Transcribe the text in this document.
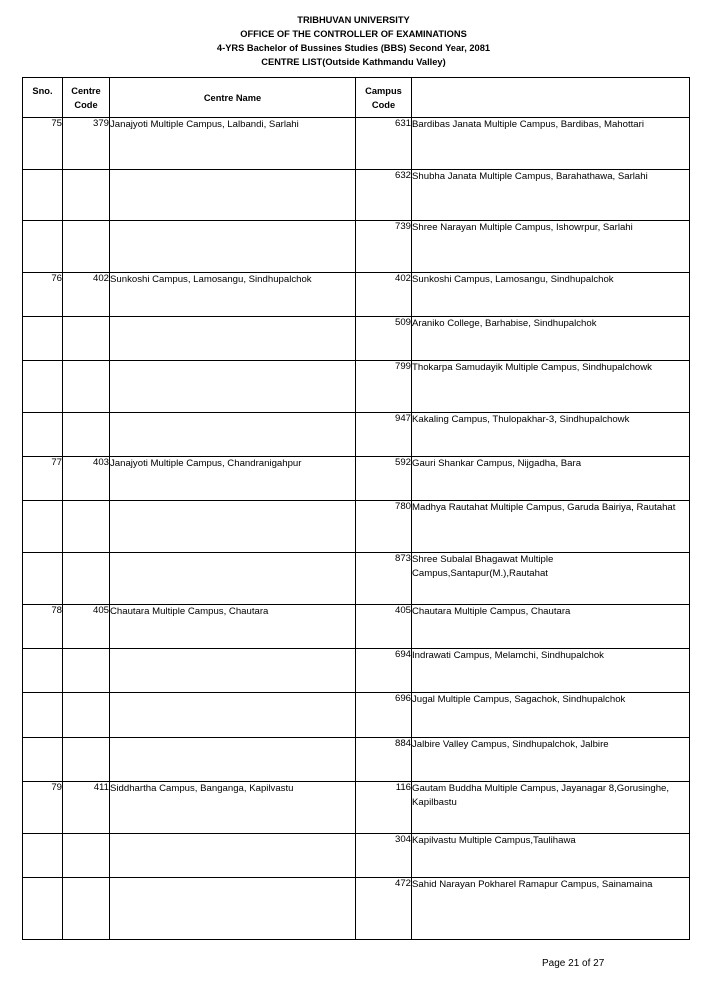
TRIBHUVAN UNIVERSITY
OFFICE OF THE CONTROLLER OF EXAMINATIONS
4-YRS Bachelor of Bussines Studies (BBS) Second Year, 2081
CENTRE LIST(Outside Kathmandu Valley)
Sno.	Centre Code	Centre Name	Campus Code	
75	379	Janajyoti Multiple Campus, Lalbandi, Sarlahi	631	Bardibas Janata Multiple Campus, Bardibas, Mahottari
			632	Shubha Janata Multiple Campus, Barahathawa, Sarlahi
			739	Shree Narayan Multiple Campus, Ishowrpur, Sarlahi
76	402	Sunkoshi Campus, Lamosangu, Sindhupalchok	402	Sunkoshi Campus, Lamosangu, Sindhupalchok
			509	Araniko College, Barhabise, Sindhupalchok
			799	Thokarpa Samudayik Multiple Campus, Sindhupalchowk
			947	Kakaling Campus, Thulopakhar-3, Sindhupalchowk
77	403	Janajyoti Multiple Campus, Chandranigahpur	592	Gauri Shankar Campus, Nijgadha, Bara
			780	Madhya Rautahat Multiple Campus, Garuda Bairiya, Rautahat
			873	Shree Subalal Bhagawat Multiple Campus,Santapur(M.),Rautahat
78	405	Chautara Multiple Campus, Chautara	405	Chautara Multiple Campus, Chautara
			694	Indrawati Campus, Melamchi, Sindhupalchok
			696	Jugal Multiple Campus, Sagachok, Sindhupalchok
			884	Jalbire Valley Campus, Sindhupalchok, Jalbire
79	411	Siddhartha Campus, Banganga, Kapilvastu	116	Gautam Buddha Multiple Campus, Jayanagar 8,Gorusinghe, Kapilbastu
			304	Kapilvastu Multiple Campus,Taulihawa
			472	Sahid Narayan Pokharel Ramapur Campus, Sainamaina
Page 21 of 27
